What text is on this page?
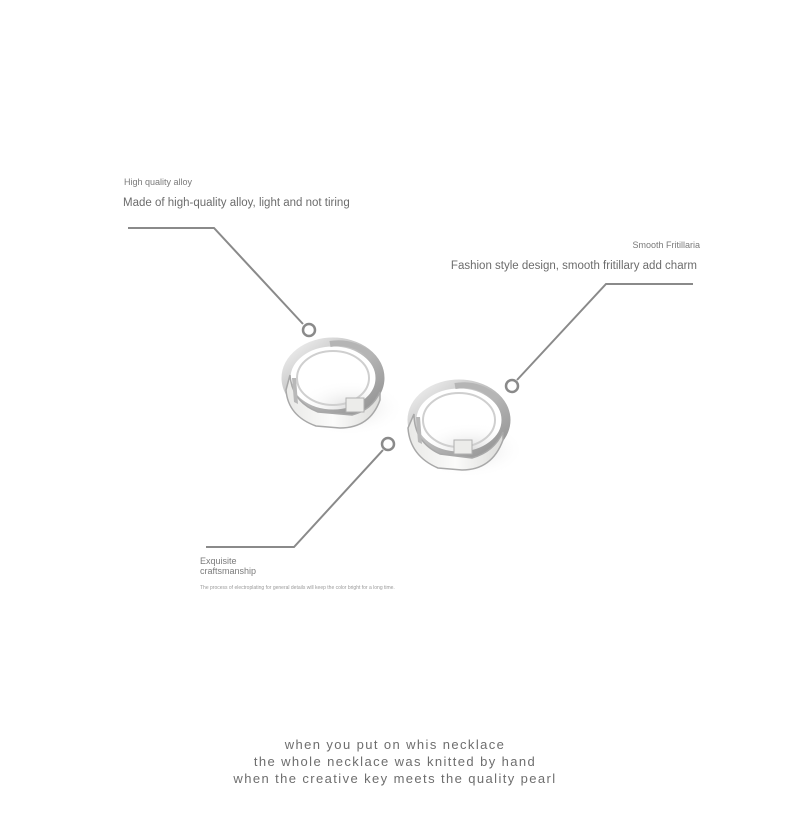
High quality alloy
Made of high-quality alloy, light and not tiring
Smooth Fritillaria
Fashion style design, smooth fritillary add charm
Exquisite
craftsmanship
The process of electroplating for general details will keep the color bright for a long time.
when you put on whis necklace
the whole necklace was knitted by hand
when the creative key meets the quality pearl
